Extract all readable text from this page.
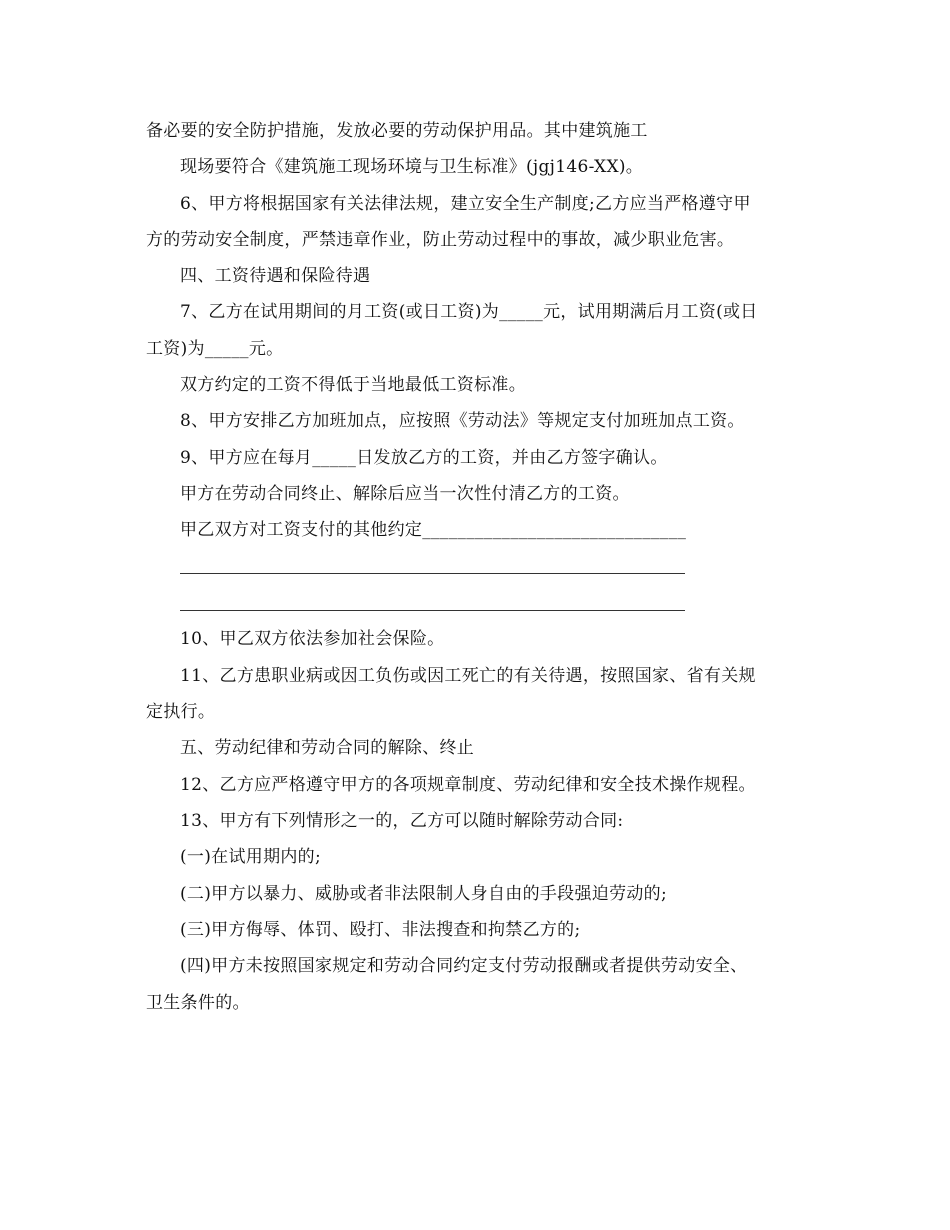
备必要的安全防护措施，发放必要的劳动保护用品。其中建筑施工
现场要符合《建筑施工现场环境与卫生标准》(jgj146-XX)。
6、甲方将根据国家有关法律法规，建立安全生产制度;乙方应当严格遵守甲
方的劳动安全制度，严禁违章作业，防止劳动过程中的事故，减少职业危害。
四、工资待遇和保险待遇
7、乙方在试用期间的月工资(或日工资)为_____元，试用期满后月工资(或日
工资)为_____元。
双方约定的工资不得低于当地最低工资标准。
8、甲方安排乙方加班加点，应按照《劳动法》等规定支付加班加点工资。
9、甲方应在每月_____日发放乙方的工资，并由乙方签字确认。
甲方在劳动合同终止、解除后应当一次性付清乙方的工资。
甲乙双方对工资支付的其他约定______________________________
10、甲乙双方依法参加社会保险。
11、乙方患职业病或因工负伤或因工死亡的有关待遇，按照国家、省有关规
定执行。
五、劳动纪律和劳动合同的解除、终止
12、乙方应严格遵守甲方的各项规章制度、劳动纪律和安全技术操作规程。
13、甲方有下列情形之一的，乙方可以随时解除劳动合同:
(一)在试用期内的;
(二)甲方以暴力、威胁或者非法限制人身自由的手段强迫劳动的;
(三)甲方侮辱、体罚、殴打、非法搜查和拘禁乙方的;
(四)甲方未按照国家规定和劳动合同约定支付劳动报酬或者提供劳动安全、
卫生条件的。
